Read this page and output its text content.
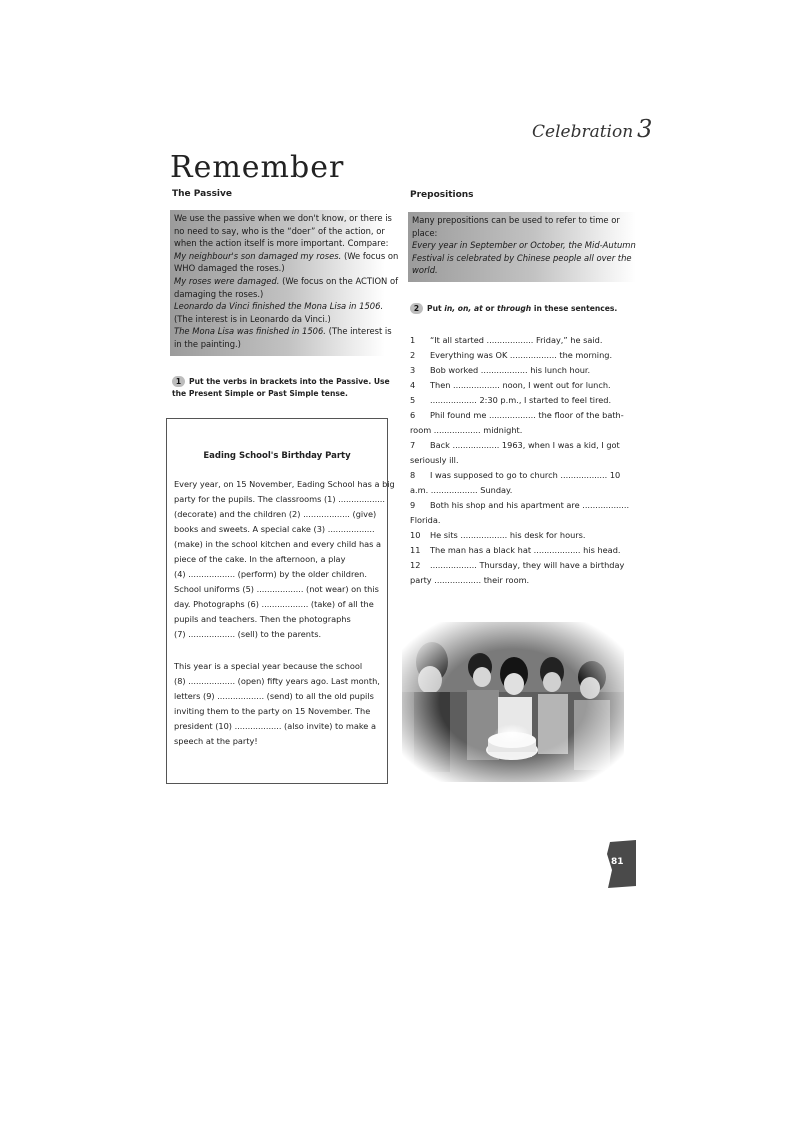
Celebration 3
Remember
The Passive
We use the passive when we don't know, or there is
no need to say, who is the “doer” of the action, or
when the action itself is more important. Compare:
My neighbour's son damaged my roses. (We focus on
WHO damaged the roses.)
My roses were damaged. (We focus on the ACTION of
damaging the roses.)
Leonardo da Vinci finished the Mona Lisa in 1506.
(The interest is in Leonardo da Vinci.)
The Mona Lisa was finished in 1506. (The interest is
in the painting.)
1 Put the verbs in brackets into the Passive. Use the Present Simple or Past Simple tense.
Eading School's Birthday Party
Every year, on 15 November, Eading School has a big
party for the pupils. The classrooms (1) ..................
(decorate) and the children (2) .................. (give)
books and sweets. A special cake (3) ..................
(make) in the school kitchen and every child has a
piece of the cake. In the afternoon, a play
(4) .................. (perform) by the older children.
School uniforms (5) .................. (not wear) on this
day. Photographs (6) .................. (take) of all the
pupils and teachers. Then the photographs
(7) .................. (sell) to the parents.
This year is a special year because the school
(8) .................. (open) fifty years ago. Last month,
letters (9) .................. (send) to all the old pupils
inviting them to the party on 15 November. The
president (10) .................. (also invite) to make a
speech at the party!
Prepositions
Many prepositions can be used to refer to time or
place:
Every year in September or October, the Mid-Autumn
Festival is celebrated by Chinese people all over the
world.
2 Put in, on, at or through in these sentences.
1	“It all started .................. Friday,” he said.
2	Everything was OK .................. the morning.
3	Bob worked .................. his lunch hour.
4	Then .................. noon, I went out for lunch.
5	.................. 2:30 p.m., I started to feel tired.
6	Phil found me .................. the floor of the bath-
room .................. midnight.
7	Back .................. 1963, when I was a kid, I got
seriously ill.
8	I was supposed to go to church .................. 10
a.m. .................. Sunday.
9	Both his shop and his apartment are ..................
Florida.
10	He sits .................. his desk for hours.
11	The man has a black hat .................. his head.
12	.................. Thursday, they will have a birthday
party .................. their room.
81
